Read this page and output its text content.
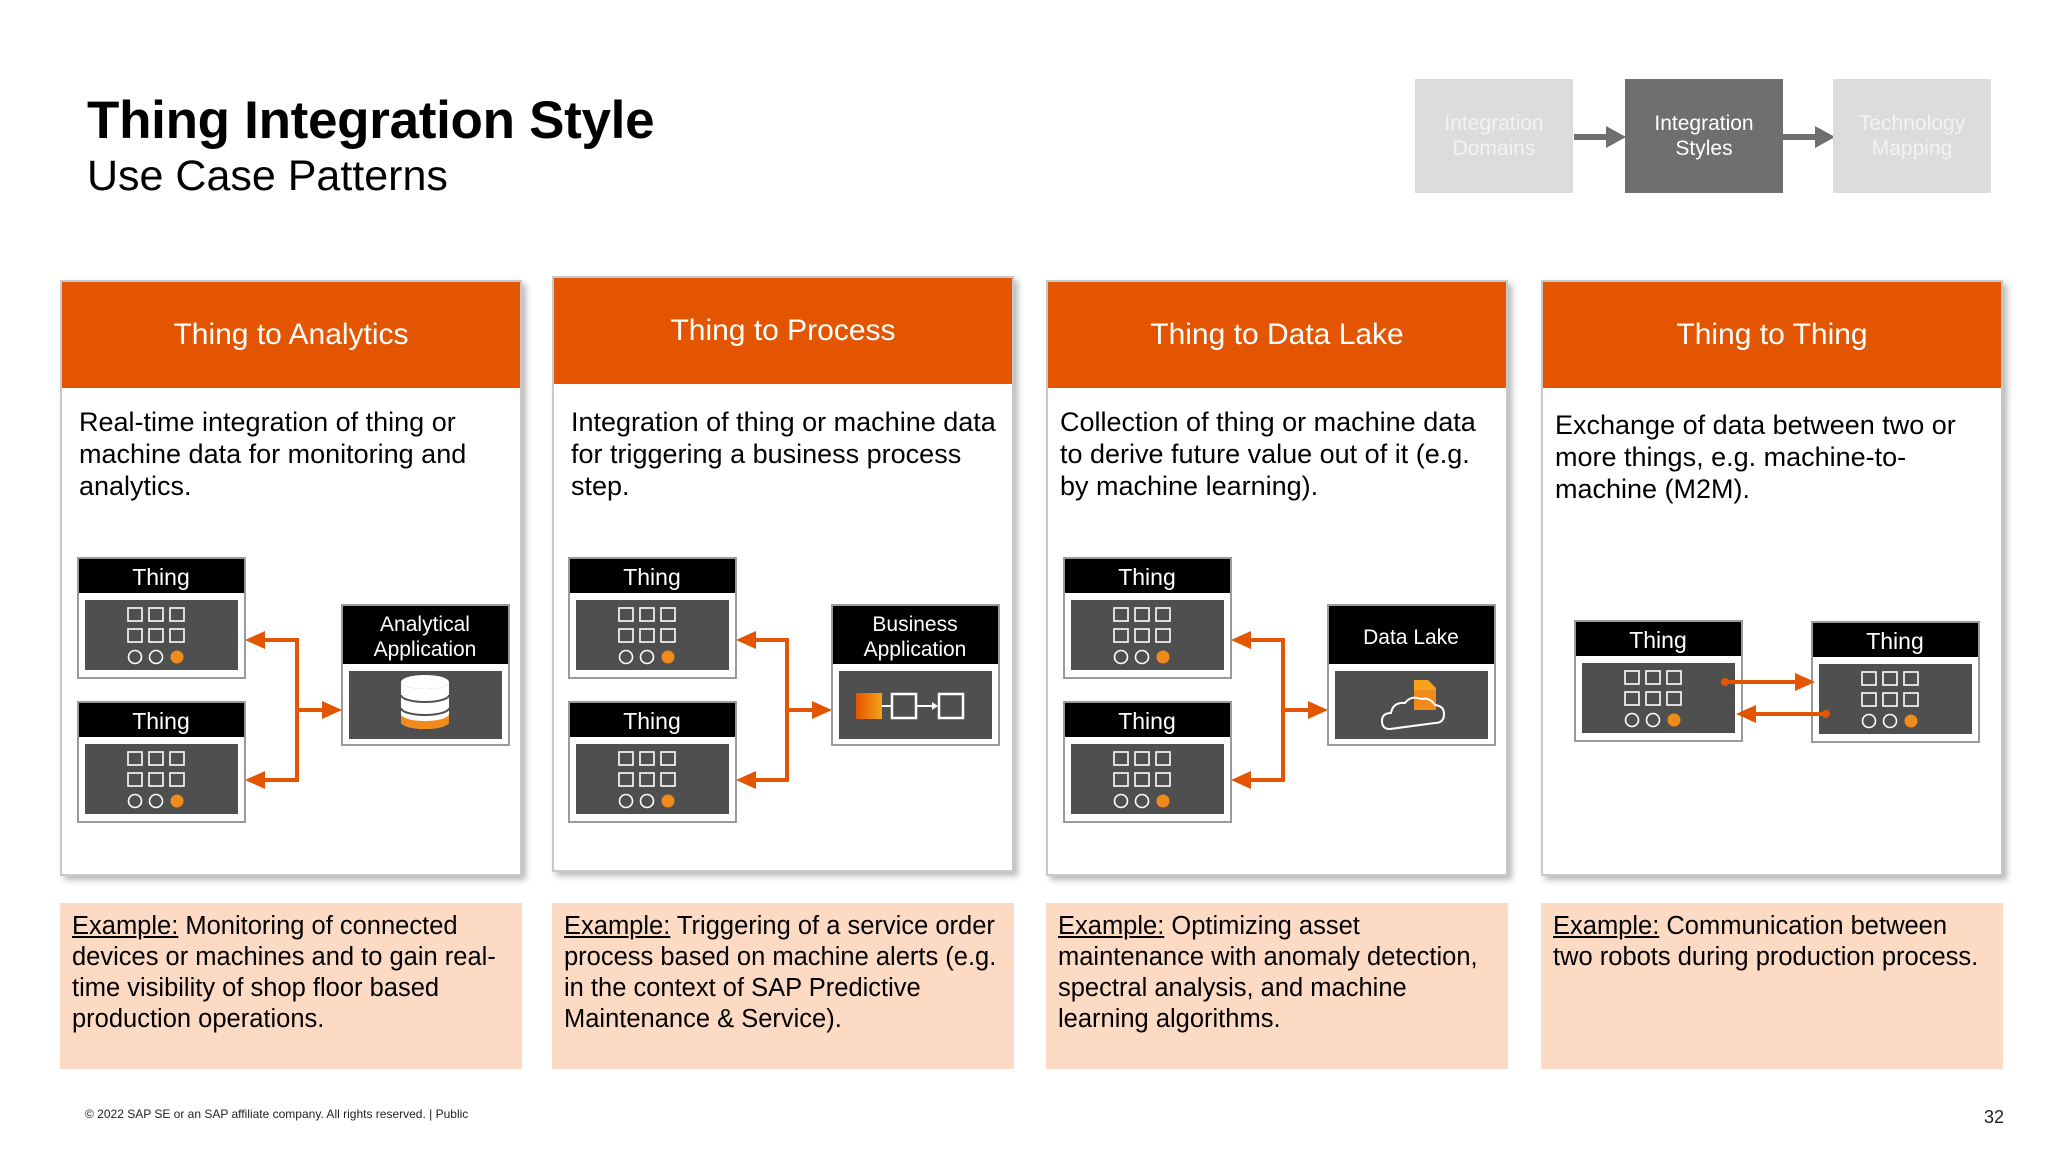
Thing Integration Style
Use Case Patterns
Integration
Domains
Integration
Styles
Technology
Mapping
Thing to Analytics
Real-time integration of thing or machine data for monitoring and analytics.
Thing
Thing
Analytical
Application
Thing to Process
Integration of thing or machine data for triggering a business process step.
Thing
Thing
Business
Application
Thing to Data Lake
Collection of thing or machine data to derive future value out of it (e.g. by machine learning).
Thing
Thing
Data Lake
Thing to Thing
Exchange of data between two or more things, e.g. machine-to-machine (M2M).
Thing	Thing
Example: Monitoring of connected devices or machines and to gain real-time visibility of shop floor based production operations.
Example: Triggering of a service order process based on machine alerts (e.g. in the context of SAP Predictive Maintenance & Service).
Example: Optimizing asset maintenance with anomaly detection, spectral analysis, and machine learning algorithms.
Example: Communication between two robots during production process.
© 2022 SAP SE or an SAP affiliate company. All rights reserved. | Public	32
